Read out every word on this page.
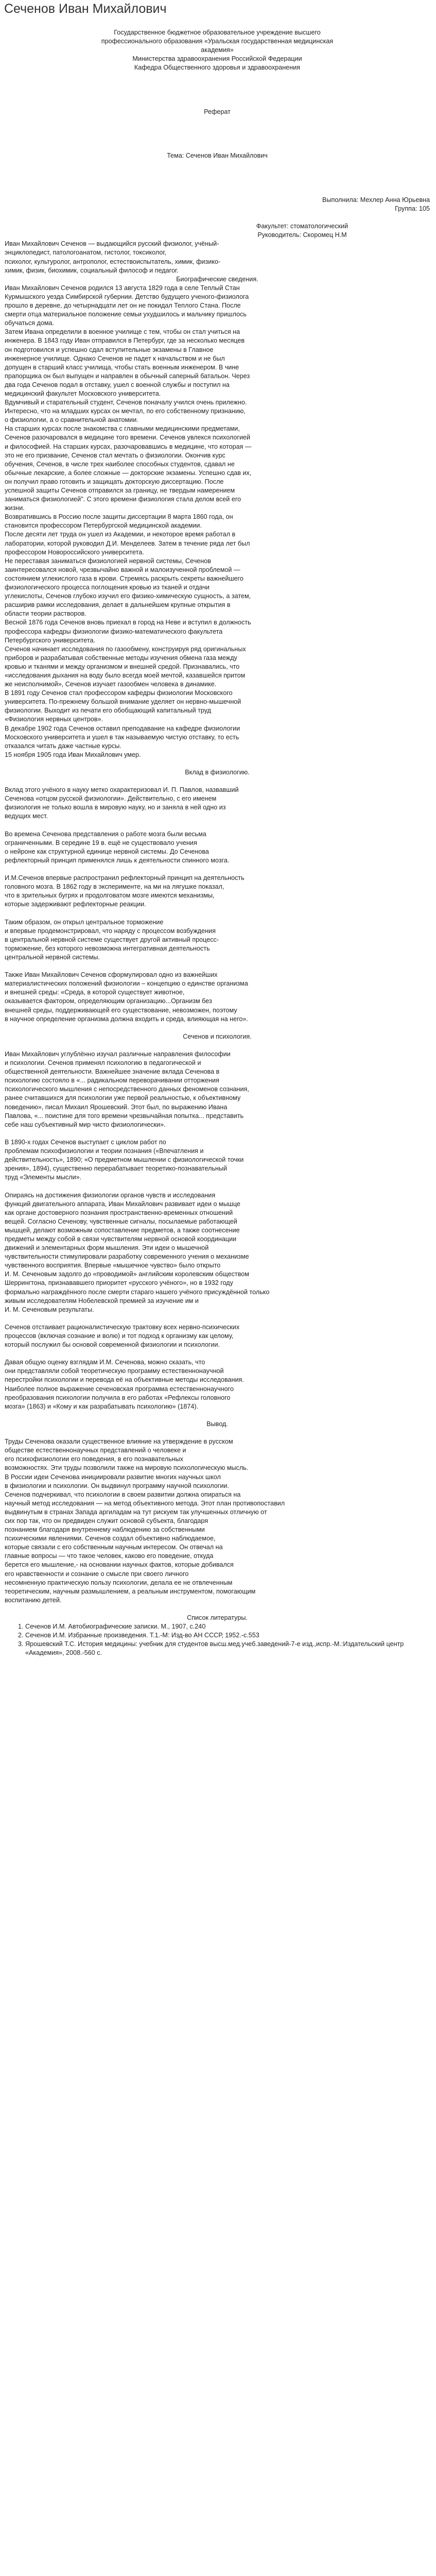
Сеченов Иван Михайлович
Государственное бюджетное образовательное учреждение высшего
профессионального образования «Уральская государственная медицинская
академия»
Министерства здравоохранения Российской Федерации
Кафедра Общественного здоровья и здравоохранения
Реферат
Тема: Сеченов Иван Михайлович
Выполнила: Мехлер Анна Юрьевна
Группа: 105
Факультет: стоматологический
Руководитель: Скоромец Н.М
Иван Михайлович Сеченов — выдающийся русский физиолог, учёный-
энциклопедист, патологоанатом, гистолог, токсиколог,
психолог, культуролог, антрополог, естествоиспытатель, химик, физико-
химик, физик, биохимик, социальный философ и педагог.
Биографические сведения.
Иван Михайлович Сеченов родился 13 августа 1829 года в селе Теплый Стан
Курмышского уезда Симбирской губернии. Детство будущего ученого-физиолога
прошло в деревне, до четырнадцати лет он не покидал Теплого Стана. После
смерти отца материальное положение семьи ухудшилось и мальчику пришлось
обучаться дома.
Затем Ивана определили в военное училище с тем, чтобы он стал учиться на
инженера. В 1843 году Иван отправился в Петербург, где за несколько месяцев
он подготовился и успешно сдал вступительные экзамены в Главное
инженерное училище. Однако Сеченов не падет к начальством и не был
допущен в старший класс училища, чтобы стать военным инженером. В чине
прапорщика он был выпущен и направлен в обычный саперный батальон. Через
два года Сеченов подал в отставку, ушел с военной службы и поступил на
медицинский факультет Московского университета.
Вдумчивый и старательный студент, Сеченов поначалу учился очень прилежно.
Интересно, что на младших курсах он мечтал, по его собственному признанию,
о физиологии, а о сравнительной анатомии.
На старших курсах после знакомства с главными медицинскими предметами,
Сеченов разочаровался в медицине того времени. Сеченов увлекся психологией
и философией. На старших курсах, разочаровавшись в медицине, что которая —
это не его призвание, Сеченов стал мечтать о физиологии. Окончив курс
обучения, Сеченов, в числе трех наиболее способных студентов, сдавал не
обычные лекарские, а более сложные — докторские экзамены. Успешно сдав их,
он получил право готовить и защищать докторскую диссертацию. После
успешной защиты Сеченов отправился за границу, не твердым намерением
заниматься физиологией". С этого времени физиология стала делом всей его
жизни.
Возвратившись в Россию после защиты диссертации 8 марта 1860 года, он
становится профессором Петербургской медицинской академии.
После десяти лет труда он ушел из Академии, и некоторое время работал в
лаборатории, которой руководил Д.И. Менделеев. Затем в течение ряда лет был
профессором Новороссийского университета.
Не переставая заниматься физиологией нервной системы, Сеченов
заинтересовался новой, чрезвычайно важной и малоизученной проблемой —
состоянием углекислого газа в крови. Стремясь раскрыть секреты важнейшего
физиологического процесса поглощения кровью из тканей и отдачи
углекислоты, Сеченов глубоко изучил его физико-химическую сущность, а затем,
расширив рамки исследования, делает в дальнейшем крупные открытия в
области теории растворов.
Весной 1876 года Сеченов вновь приехал в город на Неве и вступил в должность
профессора кафедры физиологии физико-математического факультета
Петербургского университета.
Сеченов начинает исследования по газообмену, конструируя ряд оригинальных
приборов и разрабатывая собственные методы изучения обмена газа между
кровью и тканями и между организмом и внешней средой. Признавались, что
«исследования дыхания на воду было всегда моей мечтой, казавшейся притом
же неисполнимой», Сеченов изучает газообмен человека в динамике.
В 1891 году Сеченов стал профессором кафедры физиологии Московского
университета. По-прежнему большой внимание уделяет он нервно-мышечной
физиологии. Выходит из печати его обобщающий капитальный труд
«Физиология нервных центров».
В декабре 1902 года Сеченов оставил преподавание на кафедре физиологии
Московского университета и ушел в так называемую чистую отставку, то есть
отказался читать даже частные курсы.
15 ноября 1905 года Иван Михайлович умер.
Вклад в физиологию.
Вклад этого учёного в науку метко охарактеризовал И. П. Павлов, назвавший
Сеченова «отцом русской физиологии». Действительно, с его именем
физиология не только вошла в мировую науку, но и заняла в ней одно из
ведущих мест.
Во времена Сеченова представления о работе мозга были весьма
ограниченными. В середине 19 в. ещё не существовало учения
о нейроне как структурной единице нервной системы. До Сеченова
рефлекторный принцип применялся лишь к деятельности спинного мозга.
И.М.Сеченов впервые распространил рефлекторный принцип на деятельность
головного мозга. В 1862 году в эксперименте, на ми на лягушке показал,
что в зрительных бугрях и продолговатом мозге имеются механизмы,
которые задерживают рефлекторные реакции.
Таким образом, он открыл центральное торможение
и впервые продемонстрировал, что наряду с процессом возбуждения
в центральной нервной системе существует другой активный процесс-
торможение, без которого невозможна интегративная деятельность
центральной нервной системы.
Также Иван Михайлович Сеченов сформулировал одно из важнейших
материалистических положений физиологии – концепцию о единстве организма
и внешней среды: «Среда, в которой существует животное,
оказывается фактором, определяющим организацию...Организм без
внешней среды, поддерживающей его существование, невозможен, поэтому
в научное определение организма должна входить и среда, влияющая на него».
Сеченов и психология.
Иван Михайлович углублённо изучал различные направления философии
и психологии. Сеченов применял психологию в педагогической и
общественной деятельности. Важнейшее значение вклада Сеченова в
психологию состояло в «... радикальном переворачивании отторжения
психологического мышления с непосредственного данных феноменов сознания,
ранее считавшихся для психологии уже первой реальностью, к объективному
поведению», писал Михаил Ярошевский. Этот был, по выражению Ивана
Павлова, «... поистине для того времени чрезвычайная попытка... представить
себе наш субъективный мир чисто физиологически».
В 1890-х годах Сеченов выступает с циклом работ по
проблемам психофизиологии и теории познания («Впечатления и
действительность», 1890; «О предметном мышлении с физиологической точки
зрения», 1894), существенно перерабатывает теоретико-познавательный
труд «Элементы мысли».
Опираясь на достижения физиологии органов чувств и исследования
функций двигательного аппарата, Иван Михайлович развивает идеи о мышце
как органе достоверного познания пространственно-временных отношений
вещей. Согласно Сеченову, чувственные сигналы, посылаемые работающей
мышцей, делают возможным сопоставление предметов, а также соотнесение
предметы между собой в связи чувствителям нервной основой координации
движений и элементарных форм мышления. Эти идеи о мышечной
чувствительности стимулировали разработку современного учения о механизме
чувственного восприятия. Впервые «мышечное чувство» было открыто
И. М. Сеченовым задолго до «проводимой» английским королевским обществом
Шеррингтона, признававшего приоритет «русского учёного», но в 1932 году
формально награждённого после смерти стараго нашего учёного присуждённой только
живым исследователям Нобелевской премией за изучение им и
И. М. Сеченовым результаты.
Сеченов отстаивает рационалистическую трактовку всех нервно-психических
процессов (включая сознание и волю) и тот подход к организму как целому,
который послужил бы основой современной физиологии и психологии.
Давая общую оценку взглядам И.М. Сеченова, можно сказать, что
они представляли собой теоретическую программу естественнонаучной
перестройки психологии и перевода её на объективные методы исследования.
Наиболее полное выражение сеченовская программа естественнонаучного
преобразования психологии получила в его работах «Рефлексы головного
мозга» (1863) и «Кому и как разрабатывать психологию» (1874).
Вывод.
Труды Сеченова оказали существенное влияние на утверждение в русском
обществе естественнонаучных представлений о человеке и
его психофизиологии его поведения, в его познавательных
возможностях. Эти труды позволили также на мировую психологическую мысль.
В России идеи Сеченова инициировали развитие многих научных школ
в физиологии и психологии. Он выдвинул программу научной психологии.
Сеченов подчеркивал, что психологии в своем развитии должна опираться на
научный метод исследования — на метод объективного метода. Этот план противопоставил
выдвинутым в странах Запада аргиладам на тут рискуем так улучшенных отличную от
сих пор так, что он предвиден служит основой субъекта, благодаря
познанием благодаря внутреннему наблюдению за собственными
психическими явлениями. Сеченов создал объективно наблюдаемое,
которые связали с его собственным научным интересом. Он отвечал на
главные вопросы — что такое человек, каково его поведение, откуда
берется его мышление,- на основании научных фактов, которые добивался
его нравственности и сознание о смысле при своего личного
несомненную практическую пользу психологии, делала ее не отвлеченным
теоретическим, научным размышлением, а реальным инструментом, помогающим
воспитанию детей.
Список литературы.
1. Сеченов И.М. Автобиографические записки. М., 1907, с.240
2. Сеченов И.М. Избранные произведения. Т.1.-М: Изд-во АН СССР, 1952.-с.553
3. Ярошевский Т.С. История медицины: учебник для студентов высш.мед.учеб.заведений-7-е изд.,испр.-М.:Издательский центр «Академия», 2008.-560 с.
